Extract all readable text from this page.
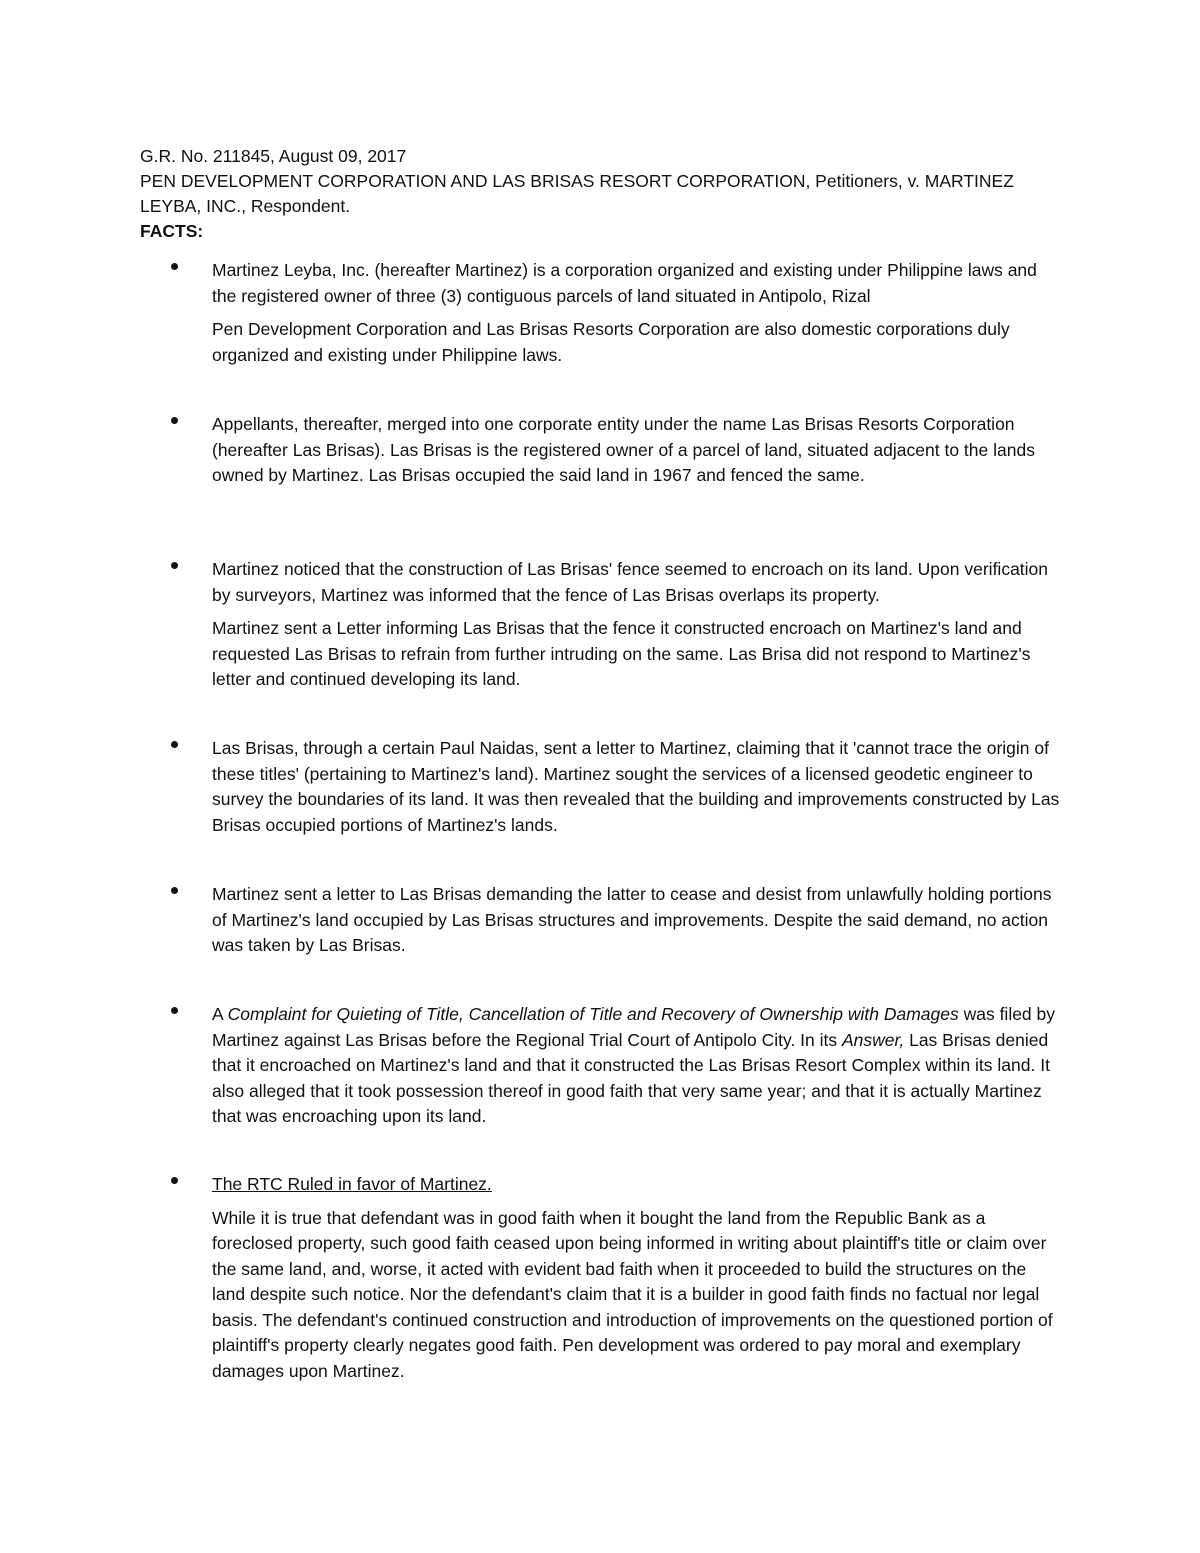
G.R. No. 211845, August 09, 2017

PEN DEVELOPMENT CORPORATION AND LAS BRISAS RESORT CORPORATION, Petitioners, v. MARTINEZ LEYBA, INC., Respondent.

FACTS:

Martinez Leyba, Inc. (hereafter Martinez) is a corporation organized and existing under Philippine laws and the registered owner of three (3) contiguous parcels of land situated in Antipolo, Rizal

Pen Development Corporation and Las Brisas Resorts Corporation are also domestic corporations duly organized and existing under Philippine laws.

Appellants, thereafter, merged into one corporate entity under the name Las Brisas Resorts Corporation (hereafter Las Brisas). Las Brisas is the registered owner of a parcel of land, situated adjacent to the lands owned by Martinez. Las Brisas occupied the said land in 1967 and fenced the same.

Martinez noticed that the construction of Las Brisas' fence seemed to encroach on its land. Upon verification by surveyors, Martinez was informed that the fence of Las Brisas overlaps its property.

Martinez sent a Letter informing Las Brisas that the fence it constructed encroach on Martinez's land and requested Las Brisas to refrain from further intruding on the same. Las Brisa did not respond to Martinez's letter and continued developing its land.

Las Brisas, through a certain Paul Naidas, sent a letter to Martinez, claiming that it 'cannot trace the origin of these titles' (pertaining to Martinez's land). Martinez sought the services of a licensed geodetic engineer to survey the boundaries of its land. It was then revealed that the building and improvements constructed by Las Brisas occupied portions of Martinez's lands.

Martinez sent a letter to Las Brisas demanding the latter to cease and desist from unlawfully holding portions of Martinez's land occupied by Las Brisas structures and improvements. Despite the said demand, no action was taken by Las Brisas.

A Complaint for Quieting of Title, Cancellation of Title and Recovery of Ownership with Damages was filed by Martinez against Las Brisas before the Regional Trial Court of Antipolo City. In its Answer, Las Brisas denied that it encroached on Martinez's land and that it constructed the Las Brisas Resort Complex within its land. It also alleged that it took possession thereof in good faith that very same year; and that it is actually Martinez that was encroaching upon its land.

The RTC Ruled in favor of Martinez.

While it is true that defendant was in good faith when it bought the land from the Republic Bank as a foreclosed property, such good faith ceased upon being informed in writing about plaintiff's title or claim over the same land, and, worse, it acted with evident bad faith when it proceeded to build the structures on the land despite such notice. Nor the defendant's claim that it is a builder in good faith finds no factual nor legal basis. The defendant's continued construction and introduction of improvements on the questioned portion of plaintiff's property clearly negates good faith. Pen development was ordered to pay moral and exemplary damages upon Martinez.
